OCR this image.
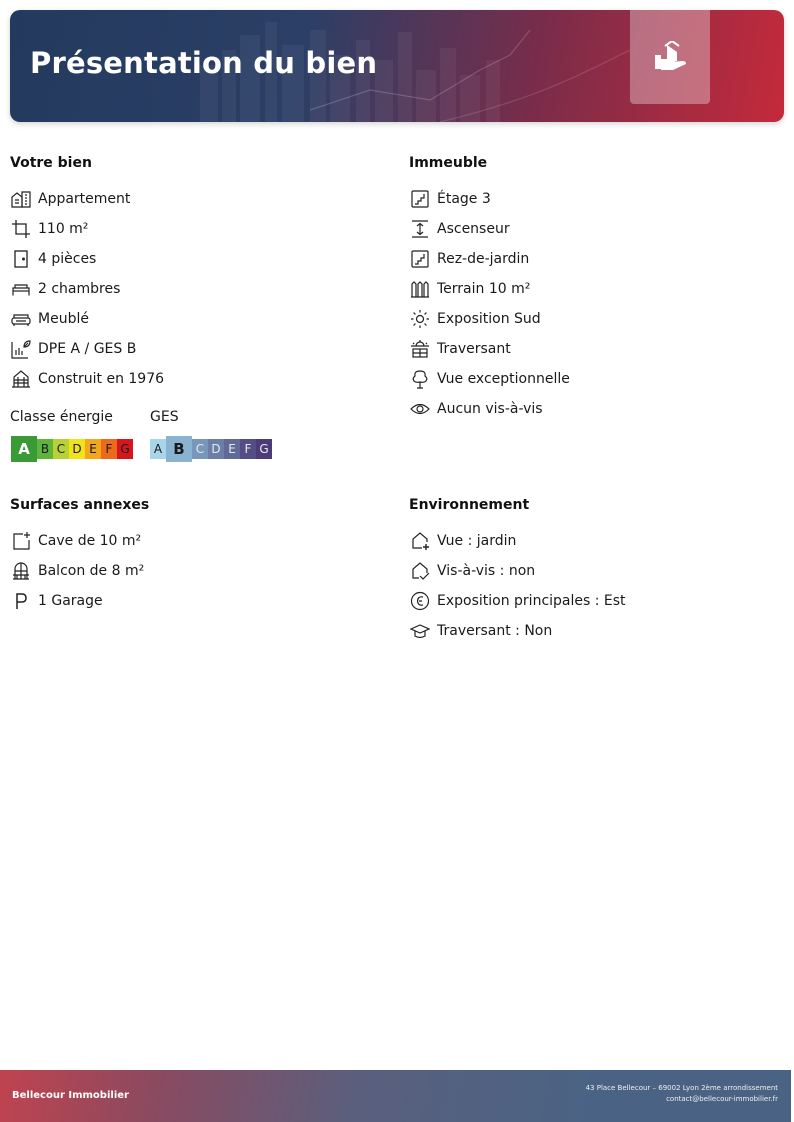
Présentation du bien
Votre bien
Appartement
110 m²
4 pièces
2 chambres
Meublé
DPE A / GES B
Construit en 1976
Classe énergie	GES
A B C D E F G	A B C D E F G
Immeuble
Étage 3
Ascenseur
Rez-de-jardin
Terrain 10 m²
Exposition Sud
Traversant
Vue exceptionnelle
Aucun vis-à-vis
Surfaces annexes
Cave de 10 m²
Balcon de 8 m²
1 Garage
Environnement
Vue : jardin
Vis-à-vis : non
Exposition principales : Est
Traversant : Non
Bellecour Immobilier
43 Place Bellecour – 69002 Lyon 2ème arrondissement
contact@bellecour-immobilier.fr
